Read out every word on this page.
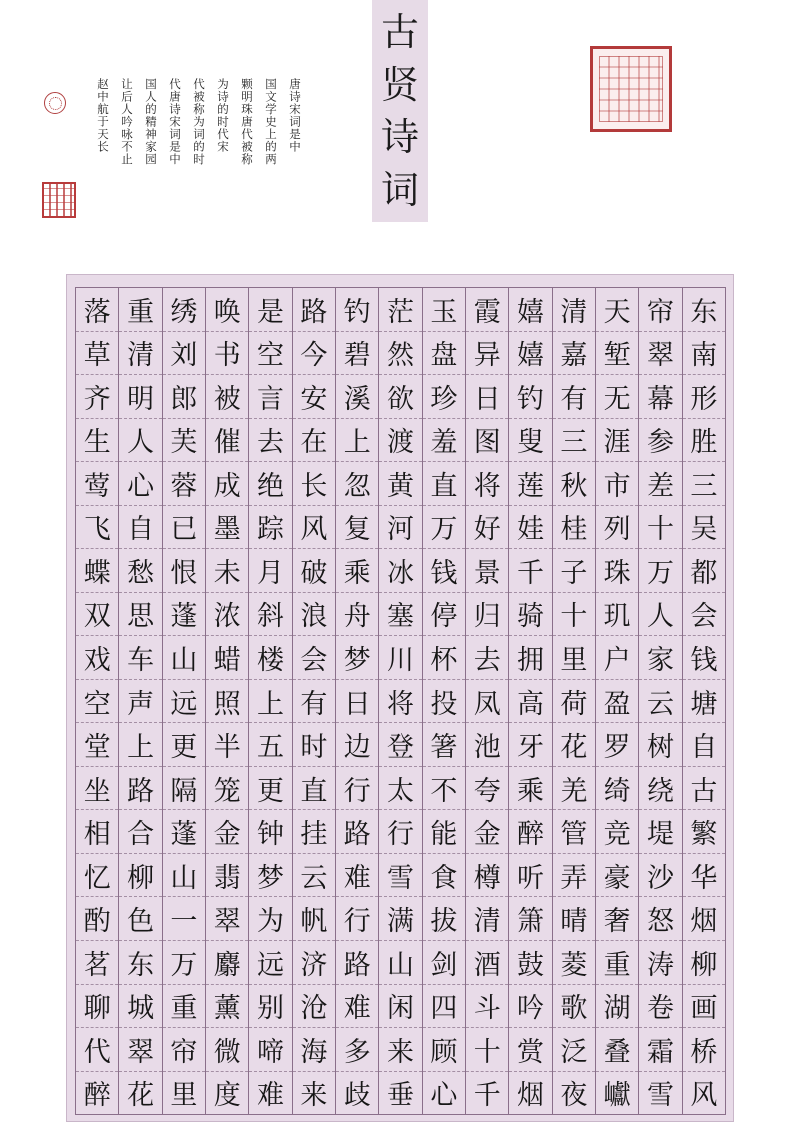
唐诗宋词是中
国文学史上的两
颗明珠唐代被称
为诗的时代宋
代被称为词的时
代唐诗宋词是中
国人的精神家园
让后人吟咏不止
赵中航于天长
古
贤
诗
词
东
南
形
胜
三
吴
都
会
钱
塘
自
古
繁
华
烟
柳
画
桥
风
帘
翠
幕
参
差
十
万
人
家
云
树
绕
堤
沙
怒
涛
卷
霜
雪
天
堑
无
涯
市
列
珠
玑
户
盈
罗
绮
竞
豪
奢
重
湖
叠
巘
清
嘉
有
三
秋
桂
子
十
里
荷
花
羌
管
弄
晴
菱
歌
泛
夜
嬉
嬉
钓
叟
莲
娃
千
骑
拥
高
牙
乘
醉
听
箫
鼓
吟
赏
烟
霞
异
日
图
将
好
景
归
去
凤
池
夸
金
樽
清
酒
斗
十
千
玉
盘
珍
羞
直
万
钱
停
杯
投
箸
不
能
食
拔
剑
四
顾
心
茫
然
欲
渡
黄
河
冰
塞
川
将
登
太
行
雪
满
山
闲
来
垂
钓
碧
溪
上
忽
复
乘
舟
梦
日
边
行
路
难
行
路
难
多
歧
路
今
安
在
长
风
破
浪
会
有
时
直
挂
云
帆
济
沧
海
来
是
空
言
去
绝
踪
月
斜
楼
上
五
更
钟
梦
为
远
别
啼
难
唤
书
被
催
成
墨
未
浓
蜡
照
半
笼
金
翡
翠
麝
薰
微
度
绣
刘
郎
芙
蓉
已
恨
蓬
山
远
更
隔
蓬
山
一
万
重
帘
里
重
清
明
人
心
自
愁
思
车
声
上
路
合
柳
色
东
城
翠
花
落
草
齐
生
莺
飞
蝶
双
戏
空
堂
坐
相
忆
酌
茗
聊
代
醉
